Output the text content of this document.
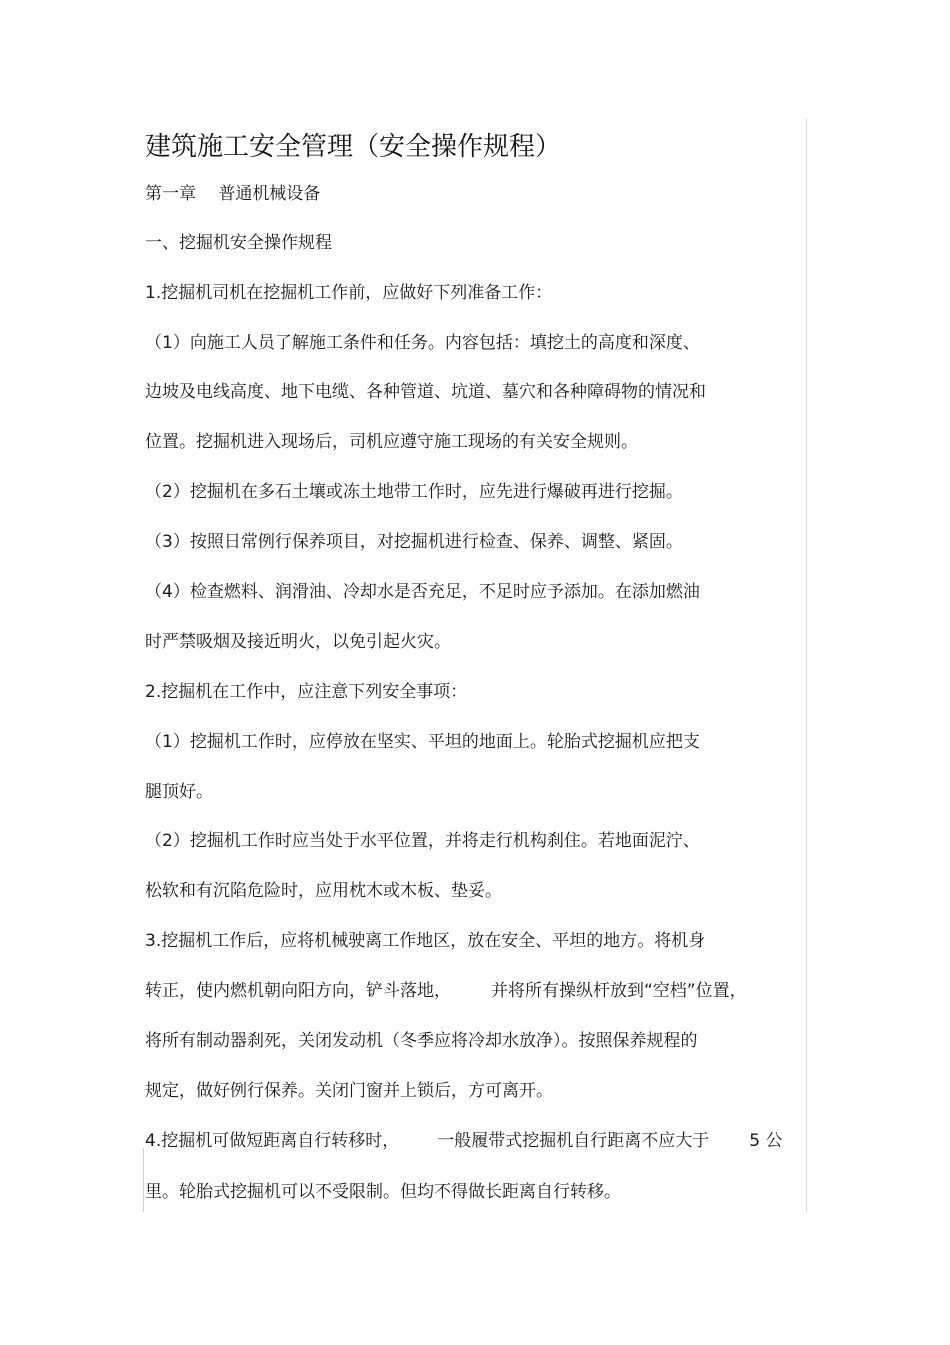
建筑施工安全管理（安全操作规程）
第一章　 普通机械设备
一、挖掘机安全操作规程
1.挖掘机司机在挖掘机工作前，应做好下列准备工作：
（1）向施工人员了解施工条件和任务。内容包括：填挖土的高度和深度、
边坡及电线高度、地下电缆、各种管道、坑道、墓穴和各种障碍物的情况和
位置。挖掘机进入现场后，司机应遵守施工现场的有关安全规则。
（2）挖掘机在多石土壤或冻土地带工作时，应先进行爆破再进行挖掘。
（3）按照日常例行保养项目，对挖掘机进行检查、保养、调整、紧固。
（4）检查燃料、润滑油、冷却水是否充足，不足时应予添加。在添加燃油
时严禁吸烟及接近明火，以免引起火灾。
2.挖掘机在工作中，应注意下列安全事项：
（1）挖掘机工作时，应停放在坚实、平坦的地面上。轮胎式挖掘机应把支
腿顶好。
（2）挖掘机工作时应当处于水平位置，并将走行机构刹住。若地面泥泞、
松软和有沉陷危险时，应用枕木或木板、垫妥。
3.挖掘机工作后，应将机械驶离工作地区，放在安全、平坦的地方。将机身
转正，使内燃机朝向阳方向，铲斗落地， 并将所有操纵杆放到“空档”位置，
将所有制动器刹死，关闭发动机（冬季应将冷却水放净）。按照保养规程的
规定，做好例行保养。关闭门窗并上锁后，方可离开。
4.挖掘机可做短距离自行转移时， 一般履带式挖掘机自行距离不应大于 5 公
里。轮胎式挖掘机可以不受限制。但均不得做长距离自行转移。
